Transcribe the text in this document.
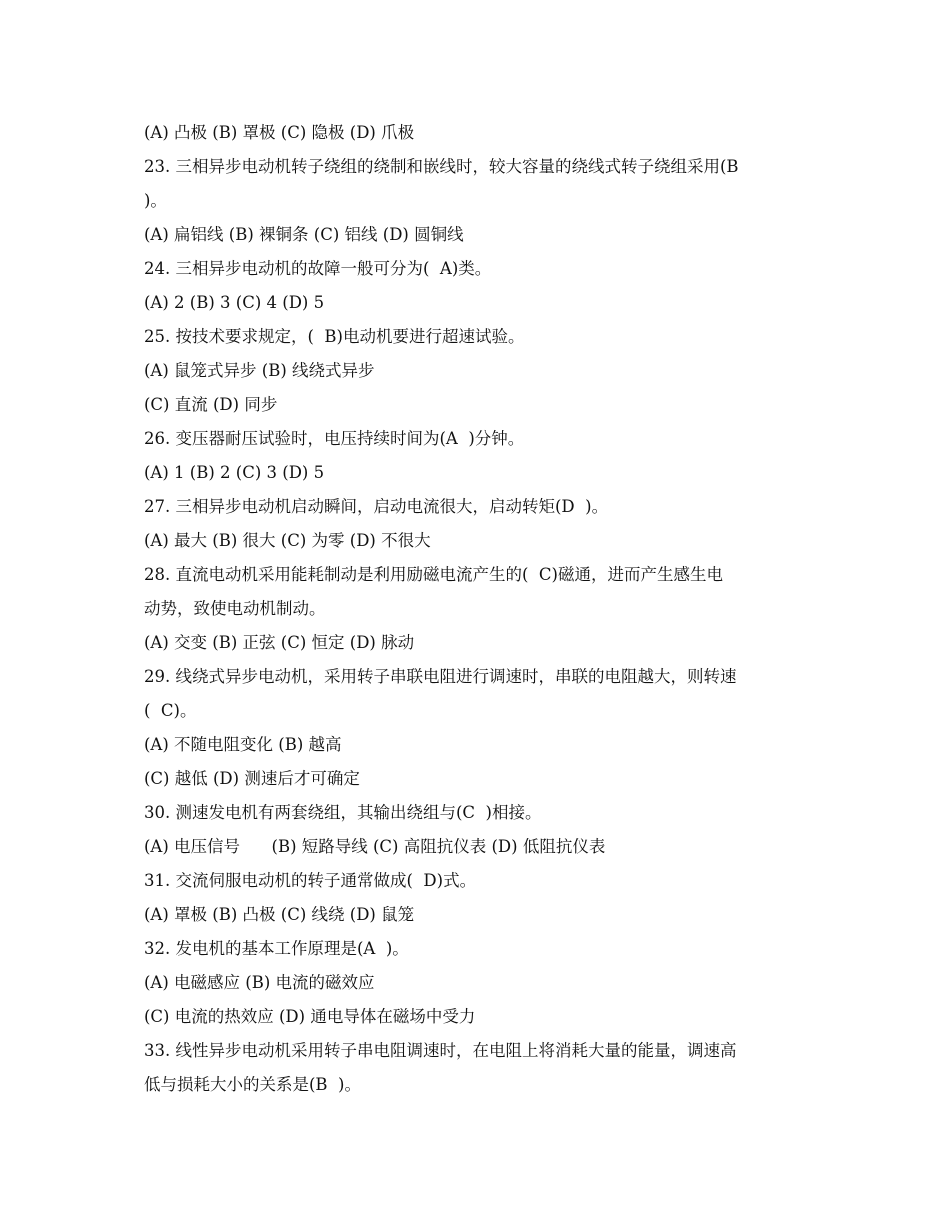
(A) 凸极 (B) 罩极 (C) 隐极 (D) 爪极
23. 三相异步电动机转子绕组的绕制和嵌线时，较大容量的绕线式转子绕组采用(B
)。
(A) 扁铝线 (B) 裸铜条 (C) 铝线 (D) 圆铜线
24. 三相异步电动机的故障一般可分为(  A)类。
(A) 2 (B) 3 (C) 4 (D) 5
25. 按技术要求规定，(  B)电动机要进行超速试验。
(A) 鼠笼式异步 (B) 线绕式异步
(C) 直流 (D) 同步
26. 变压器耐压试验时，电压持续时间为(A  )分钟。
(A) 1 (B) 2 (C) 3 (D) 5
27. 三相异步电动机启动瞬间，启动电流很大，启动转矩(D  )。
(A) 最大 (B) 很大 (C) 为零 (D) 不很大
28. 直流电动机采用能耗制动是利用励磁电流产生的(  C)磁通，进而产生感生电
动势，致使电动机制动。
(A) 交变 (B) 正弦 (C) 恒定 (D) 脉动
29. 线绕式异步电动机，采用转子串联电阻进行调速时，串联的电阻越大，则转速
(  C)。
(A) 不随电阻变化 (B) 越高
(C) 越低 (D) 测速后才可确定
30. 测速发电机有两套绕组，其输出绕组与(C  )相接。
(A) 电压信号      (B) 短路导线 (C) 高阻抗仪表 (D) 低阻抗仪表
31. 交流伺服电动机的转子通常做成(  D)式。
(A) 罩极 (B) 凸极 (C) 线绕 (D) 鼠笼
32. 发电机的基本工作原理是(A  )。
(A) 电磁感应 (B) 电流的磁效应
(C) 电流的热效应 (D) 通电导体在磁场中受力
33. 线性异步电动机采用转子串电阻调速时，在电阻上将消耗大量的能量，调速高
低与损耗大小的关系是(B  )。
